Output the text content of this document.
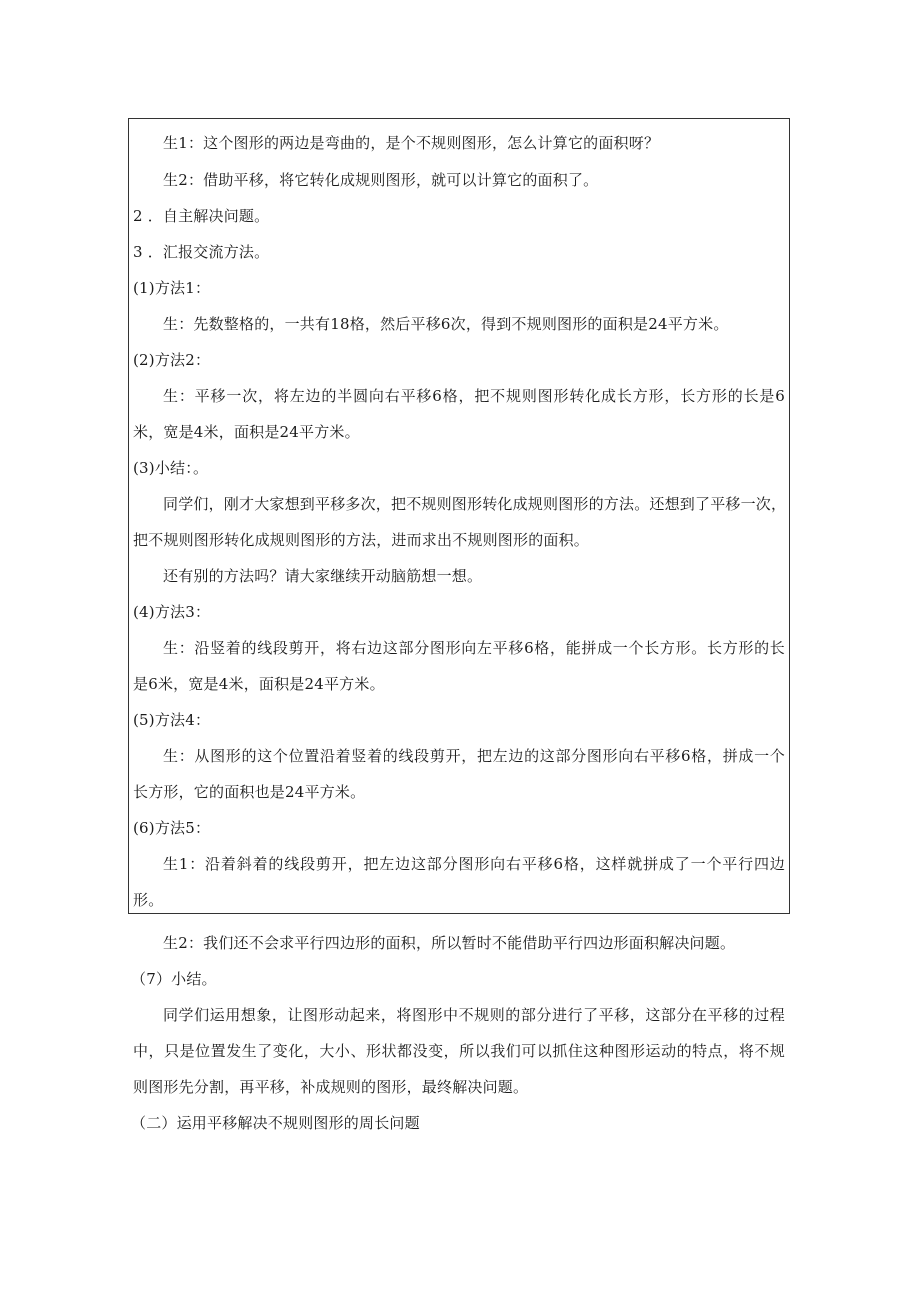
生1：这个图形的两边是弯曲的，是个不规则图形，怎么计算它的面积呀？
生2：借助平移，将它转化成规则图形，就可以计算它的面积了。
2 ．自主解决问题。
3 ．汇报交流方法。
(1)方法1：
生：先数整格的，一共有18格，然后平移6次，得到不规则图形的面积是24平方米。
(2)方法2：
生：平移一次，将左边的半圆向右平移6格，把不规则图形转化成长方形，长方形的长是6
米，宽是4米，面积是24平方米。
(3)小结：。
同学们，刚才大家想到平移多次，把不规则图形转化成规则图形的方法。还想到了平移一次，
把不规则图形转化成规则图形的方法，进而求出不规则图形的面积。
还有别的方法吗？请大家继续开动脑筋想一想。
(4)方法3：
生：沿竖着的线段剪开，将右边这部分图形向左平移6格，能拼成一个长方形。长方形的长
是6米，宽是4米，面积是24平方米。
(5)方法4：
生：从图形的这个位置沿着竖着的线段剪开，把左边的这部分图形向右平移6格，拼成一个
长方形，它的面积也是24平方米。
(6)方法5：
生1：沿着斜着的线段剪开，把左边这部分图形向右平移6格，这样就拼成了一个平行四边
形。
生2：我们还不会求平行四边形的面积，所以暂时不能借助平行四边形面积解决问题。
（7）小结。
同学们运用想象，让图形动起来，将图形中不规则的部分进行了平移，这部分在平移的过程
中，只是位置发生了变化，大小、形状都没变，所以我们可以抓住这种图形运动的特点，将不规
则图形先分割，再平移，补成规则的图形，最终解决问题。
（二）运用平移解决不规则图形的周长问题
